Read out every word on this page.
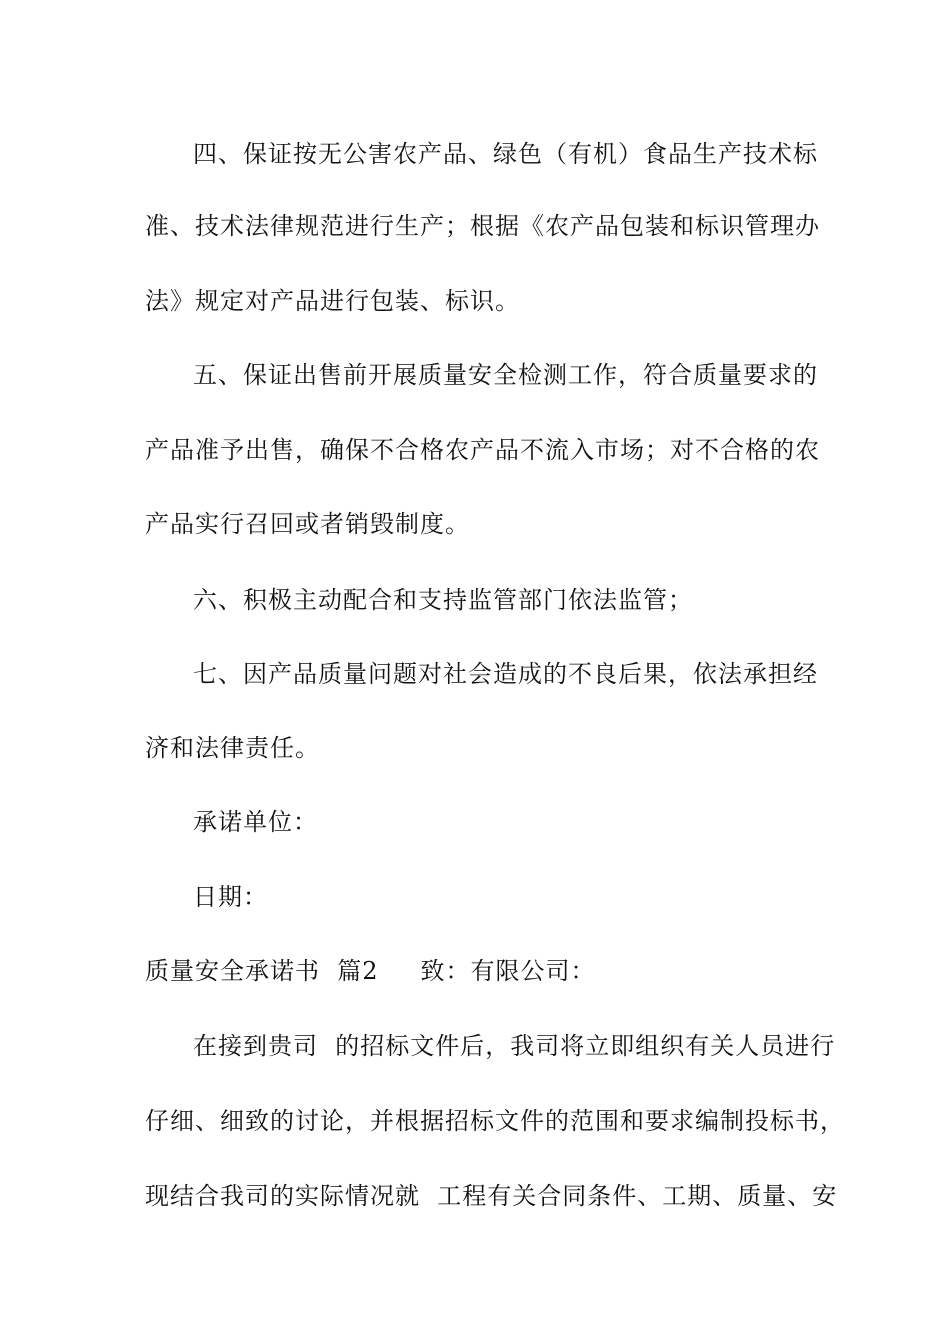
四、保证按无公害农产品、绿色（有机）食品生产技术标
准、技术法律规范进行生产；根据《农产品包装和标识管理办
法》规定对产品进行包装、标识。
五、保证出售前开展质量安全检测工作，符合质量要求的
产品准予出售，确保不合格农产品不流入市场；对不合格的农
产品实行召回或者销毁制度。
六、积极主动配合和支持监管部门依法监管；
七、因产品质量问题对社会造成的不良后果，依法承担经
济和法律责任。
承诺单位：
日期：
质量安全承诺书  篇2 致：有限公司：
在接到贵司  的招标文件后，我司将立即组织有关人员进行
仔细、细致的讨论，并根据招标文件的范围和要求编制投标书，
现结合我司的实际情况就  工程有关合同条件、工期、质量、安
